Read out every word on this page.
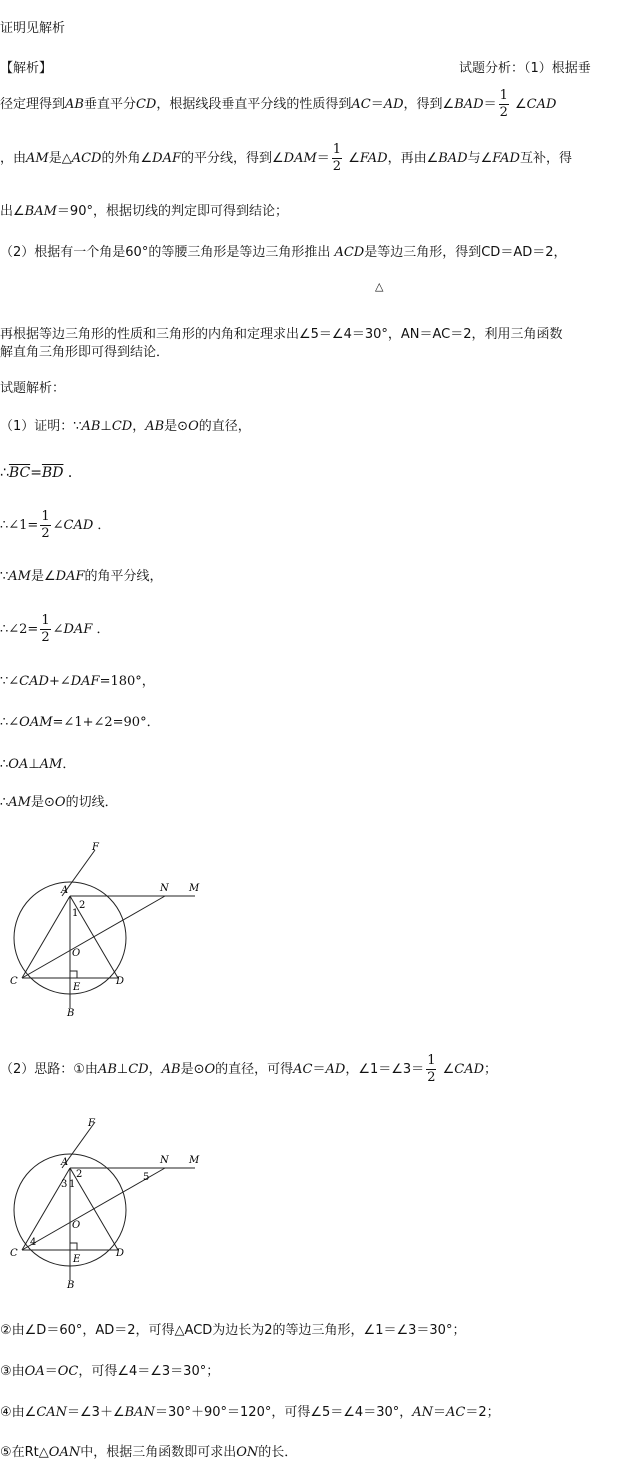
证明见解析
【解析】	试题分析：（1）根据垂
径定理得到AB垂直平分CD，根据线段垂直平分线的性质得到AC＝AD，得到∠BAD＝ $\frac{1}{2}$ ∠CAD
，由AM是△ACD的外角∠DAF的平分线，得到∠DAM＝ $\frac{1}{2}$ ∠FAD，再由∠BAD与∠FAD互补，得
出∠BAM＝90°，根据切线的判定即可得到结论；
（2）根据有一个角是60°的等腰三角形是等边三角形推出 ACD是等边三角形，得到CD＝AD＝2，
△
再根据等边三角形的性质和三角形的内角和定理求出∠5＝∠4＝30°，AN＝AC＝2，利用三角函数
解直角三角形即可得到结论．
试题解析：
（1）证明：∵AB⊥CD，AB是⊙O的直径，
$\therefore\overline{BC}=\overline{BD}$ ．
∴∠1= $\frac{1}{2}$ ∠CAD ．
∵AM是∠DAF的角平分线，
∴∠2= $\frac{1}{2}$ ∠DAF ．
∵∠CAD+∠DAF=180°，
∴∠OAM=∠1+∠2=90°．
∴OA⊥AM．
∴AM是⊙O的切线．
F
A	N M
2
1
O
C	D
E
B
（2）思路：①由AB⊥CD，AB是⊙O的直径，可得AC＝AD，∠1＝∠3＝ $\frac{1}{2}$ ∠CAD；
F
A	N M
2
3 1
5
4
O
C	D
E
B
②由∠D＝60°，AD＝2，可得△ACD为边长为2的等边三角形，∠1＝∠3＝30°；
③由OA＝OC，可得∠4＝∠3＝30°；
④由∠CAN＝∠3＋∠BAN＝30°＋90°＝120°，可得∠5＝∠4＝30°，AN＝AC＝2；
⑤在Rt△OAN中，根据三角函数即可求出ON的长．
